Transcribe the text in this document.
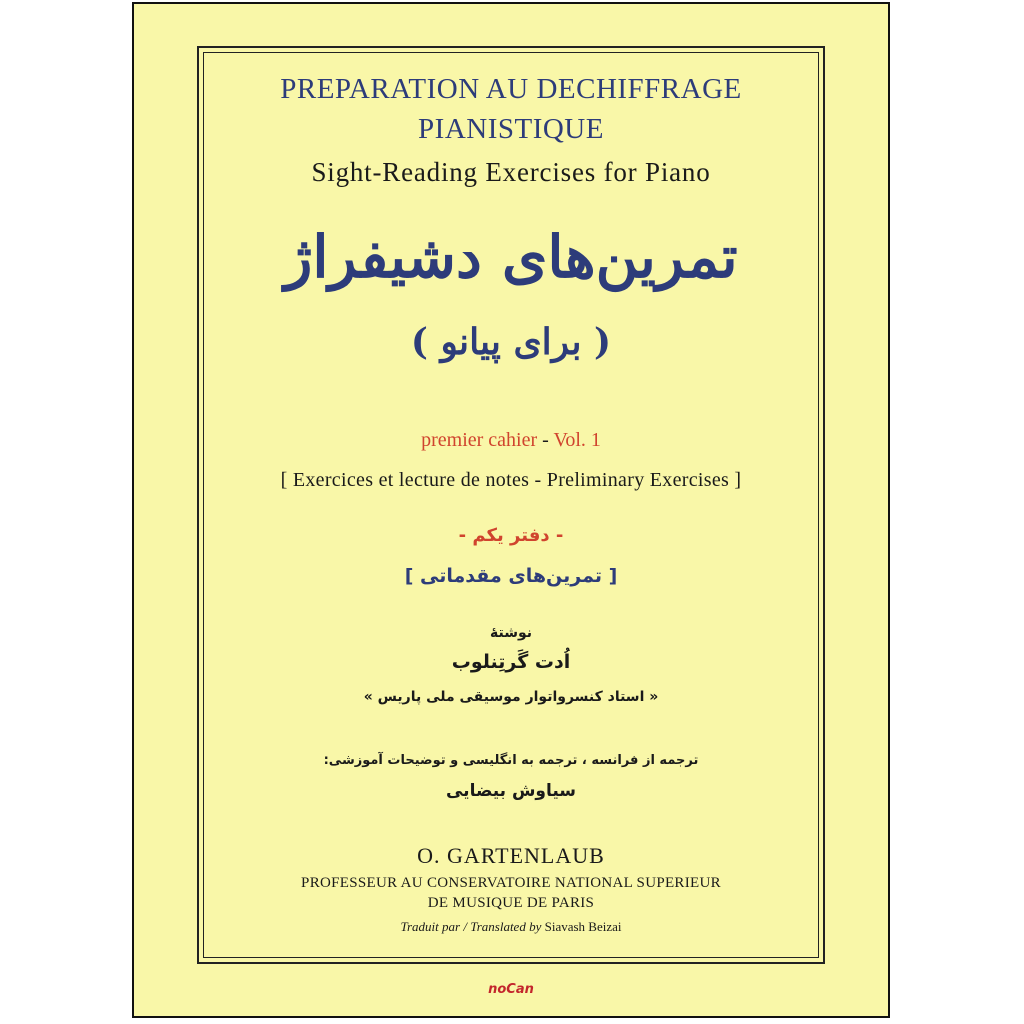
PREPARATION AU DECHIFFRAGE
PIANISTIQUE
Sight-Reading Exercises for Piano
تمرین‌های دشیفراژ
( برای پیانو )
premier cahier - Vol. 1
[ Exercices et lecture de notes - Preliminary Exercises ]
- دفتر یکم -
[ تمرین‌های مقدماتی ]
نوشتهٔ
اُدت گَرتِنلوب
« استاد کنسرواتوار موسیقی ملی پاریس »
ترجمه از فرانسه ، ترجمه به انگلیسی و توضیحات آموزشی:
سیاوش بیضایی
O. GARTENLAUB
PROFESSEUR AU CONSERVATOIRE NATIONAL SUPERIEUR
DE MUSIQUE DE PARIS
Traduit par / Translated by Siavash Beizai
noCan
